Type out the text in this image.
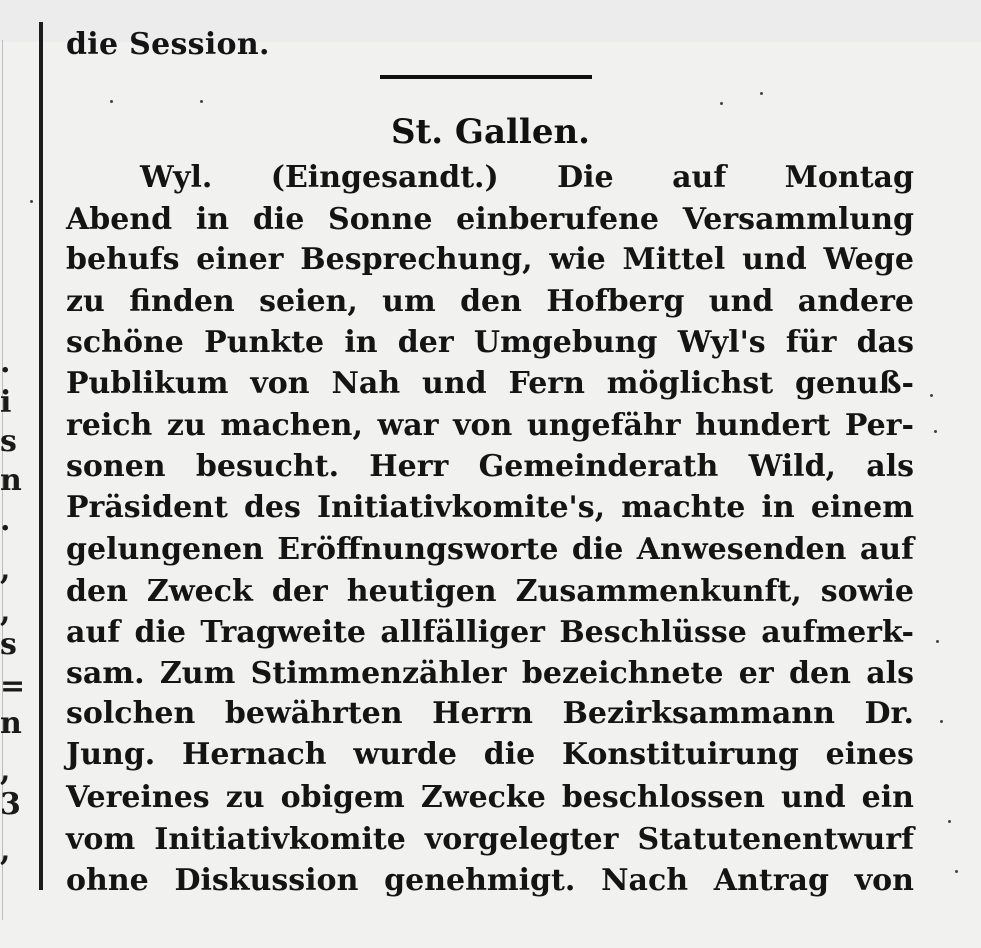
.
i
s
n
.
,
,
s
=
n
,
3
,
die Session.
St. Gallen.
Wyl. (Eingesandt.) Die auf Montag
Abend in die Sonne einberufene Versammlung
behufs einer Besprechung, wie Mittel und Wege
zu finden seien, um den Hofberg und andere
schöne Punkte in der Umgebung Wyl's für das
Publikum von Nah und Fern möglichst genuß-
reich zu machen, war von ungefähr hundert Per-
sonen besucht. Herr Gemeinderath Wild, als
Präsident des Initiativkomite's, machte in einem
gelungenen Eröffnungsworte die Anwesenden auf
den Zweck der heutigen Zusammenkunft, sowie
auf die Tragweite allfälliger Beschlüsse aufmerk-
sam. Zum Stimmenzähler bezeichnete er den als
solchen bewährten Herrn Bezirksammann Dr.
Jung. Hernach wurde die Konstituirung eines
Vereines zu obigem Zwecke beschlossen und ein
vom Initiativkomite vorgelegter Statutenentwurf
ohne Diskussion genehmigt. Nach Antrag von
